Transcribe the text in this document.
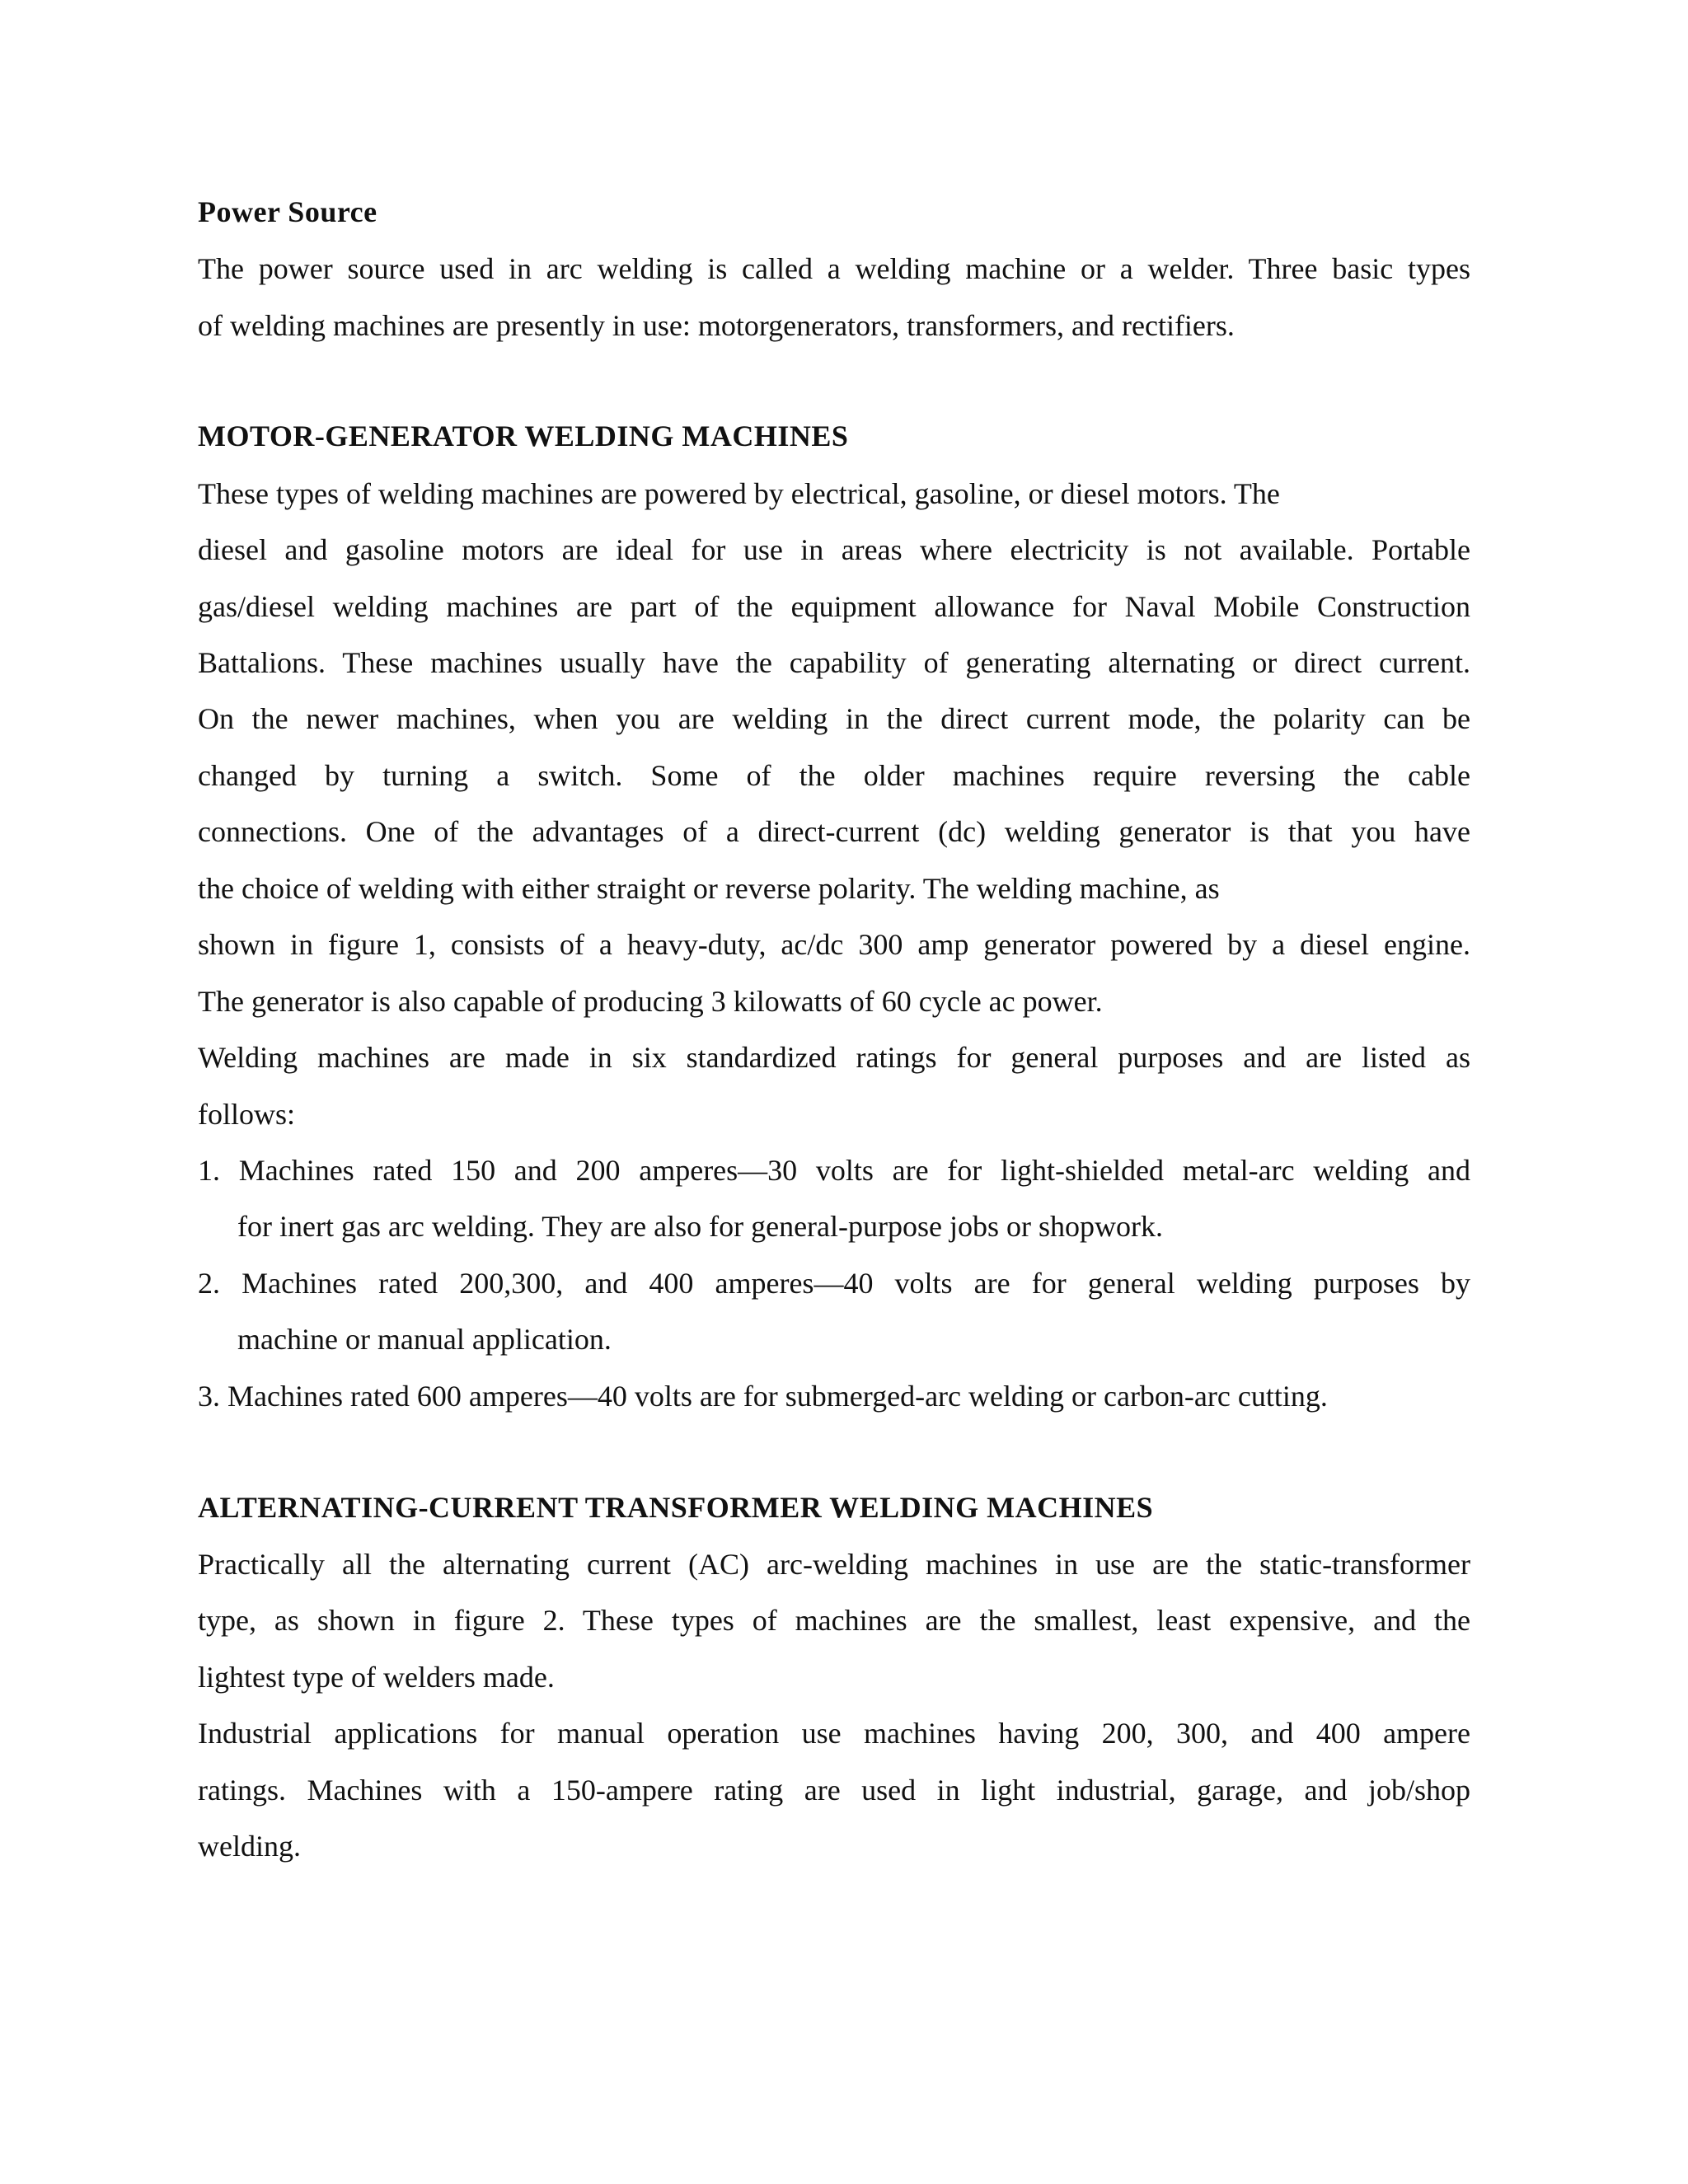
Power Source
The power source used in arc welding is called a welding machine or a welder. Three basic types
of welding machines are presently in use: motorgenerators, transformers, and rectifiers.
MOTOR-GENERATOR WELDING MACHINES
These types of welding machines are powered by electrical, gasoline, or diesel motors. The
diesel and gasoline motors are ideal for use in areas where electricity is not available. Portable
gas/diesel welding machines are part of the equipment allowance for Naval Mobile Construction
Battalions. These machines usually have the capability of generating alternating or direct current.
On the newer machines, when you are welding in the direct current mode, the polarity can be
changed by turning a switch. Some of the older machines require reversing the cable
connections. One of the advantages of a direct-current (dc) welding generator is that you have
the choice of welding with either straight or reverse polarity. The welding machine, as
shown in figure 1, consists of a heavy-duty, ac/dc 300 amp generator powered by a diesel engine.
The generator is also capable of producing 3 kilowatts of 60 cycle ac power.
Welding machines are made in six standardized ratings for general purposes and are listed as
follows:
1. Machines rated 150 and 200 amperes—30 volts are for light-shielded metal-arc welding and
for inert gas arc welding. They are also for general-purpose jobs or shopwork.
2. Machines rated 200,300, and 400 amperes—40 volts are for general welding purposes by
machine or manual application.
3. Machines rated 600 amperes—40 volts are for submerged-arc welding or carbon-arc cutting.
ALTERNATING-CURRENT TRANSFORMER WELDING MACHINES
Practically all the alternating current (AC) arc-welding machines in use are the static-transformer
type, as shown in figure 2. These types of machines are the smallest, least expensive, and the
lightest type of welders made.
Industrial applications for manual operation use machines having 200, 300, and 400 ampere
ratings. Machines with a 150-ampere rating are used in light industrial, garage, and job/shop
welding.
